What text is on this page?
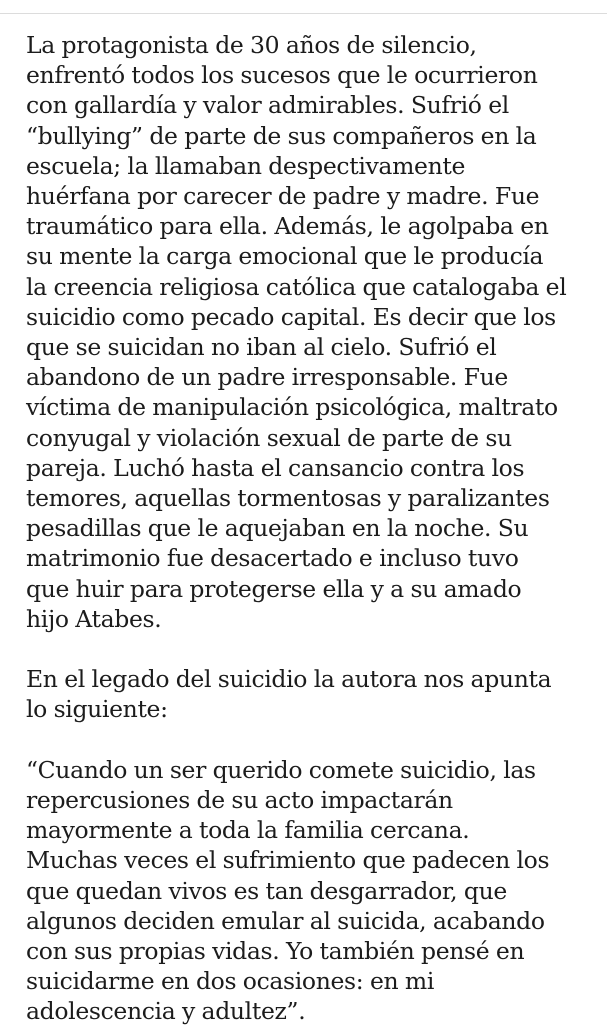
La protagonista de 30 años de silencio,
enfrentó todos los sucesos que le ocurrieron
con gallardía y valor admirables. Sufrió el
“bullying” de parte de sus compañeros en la
escuela; la llamaban despectivamente
huérfana por carecer de padre y madre. Fue
traumático para ella. Además, le agolpaba en
su mente la carga emocional que le producía
la creencia religiosa católica que catalogaba el
suicidio como pecado capital. Es decir que los
que se suicidan no iban al cielo. Sufrió el
abandono de un padre irresponsable. Fue
víctima de manipulación psicológica, maltrato
conyugal y violación sexual de parte de su
pareja. Luchó hasta el cansancio contra los
temores, aquellas tormentosas y paralizantes
pesadillas que le aquejaban en la noche. Su
matrimonio fue desacertado e incluso tuvo
que huir para protegerse ella y a su amado
hijo Atabes.

En el legado del suicidio la autora nos apunta
lo siguiente:

“Cuando un ser querido comete suicidio, las
repercusiones de su acto impactarán
mayormente a toda la familia cercana.
Muchas veces el sufrimiento que padecen los
que quedan vivos es tan desgarrador, que
algunos deciden emular al suicida, acabando
con sus propias vidas. Yo también pensé en
suicidarme en dos ocasiones: en mi
adolescencia y adultez”.
